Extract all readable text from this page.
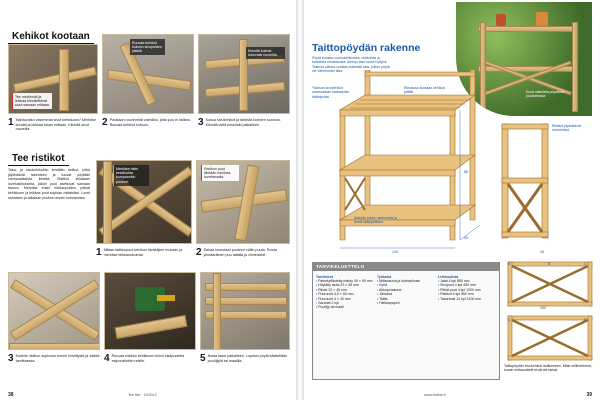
Kehikot kootaan
Tee merkinnät ja leikkaa kiinnitettävät sivut samaan mittaan.
Ruuvaa kehikot kokoon sivupuiden päistä.	Kiinnitä kulmat tukevasti ruuveilla.
1 Mahtuvatko vasemmat sivut kehikkoon? Merkitse kohdat ja leikkaa tasan mittaan. Kiinnitä sivut ruuveilla.
2 Porataan ruuvinreiät valmiiksi, jotta puu ei halkea. Ruuvaa kehikot kokoon.	3 Kokoa sivukehikot ja tarkista kulmien suoruus. Kiinnitä vielä keskituki paikalleen.
Tee ristikot
Taka- ja sivukehikoihin tehdään ristikot, jotka jäykistävät rakenteen ja tuovat pöytään vanhanaikaista ilmettä. Ristikot leikataan lovetusliitoksella, jolloin puut asettuvat samaan tasoon. Merkitse ensin ristikkopuiden paikat kehikkoon ja leikkaa puut sopivan mittaisiksi. Lovet sahataan ja taltataan puuhun ennen kokoamista.
Merkitse ristin keskikohta kumpaankin puuhun.
Ristikon puut liitetään toisiinsa lovettamalla.
1 Mittaa ristikkopuut kehikon lävistäjien mukaan ja merkitse leikkauskulmat.	2 Sahaa loveukset puoleen väliin puuta. Poista ylimääräinen puu taltalla ja viimeistele.
3 Kokeile ristikon sopivuus ennen kiinnitystä ja säädä tarvittaessa.	4 Ruuvaa ristikko kehikkoon kiinni sisäpuolelta esiporattuihin reikiin.	5 Nosta tasot paikalleen. Lopuksi pöytä käsitellään puuöljyllä tai maalilla.
38	Tee itse · 10/2013
Taittopöydän rakenne
Pöytä koostuu runkokehikoista, ristikoista ja kahdesta rimatasosta. Alempi taso toimii hyllynä. Taittuva yläosa voidaan kääntää alas, jolloin pöytä vie vähemmän tilaa.
Kuva valmiista pöydästä puutarhassa.
120
55
88
Yläosan sivukehikot saranoidaan taaksepäin kääntyviksi.
Rimataso kootaan kehikon päälle.
Alahylly tukee rakennetta ja toimii säilytystilana.
Ristikot jäykistävät sivukehikot.
TARVIKELUETTELO
Tarvikkeet
• Painekyllästetty mänty 45 × 95 mm
• Höylätty lauta 22 × 95 mm
• Rimat 22 × 45 mm
• Puuruuvit 4,5 × 60 mm
• Puuruuvit 4 × 40 mm
• Saranat 2 kpl
• Puuöljy tai maali
Työkalut
• Mittanauha ja kulmaviivain
• Kynä
• Akkuporakone
• Jiirisaha
• Taltta
• Hiekkapaperi
Leikkuulista
• Jalat 4 kpl 880 mm
• Sivupuut 4 kpl 450 mm
• Pitkät puut 4 kpl 1200 mm
• Ristikot 4 kpl 560 mm
• Tasorimat 12 kpl 1200 mm
A	B	C
D	E
45
150
Taittopöydän sivukehikot ristikoineen. Mitat millimetreinä, kuvan mittasuhteet eivät ole tarkat.
www.teeitse.fi	39
